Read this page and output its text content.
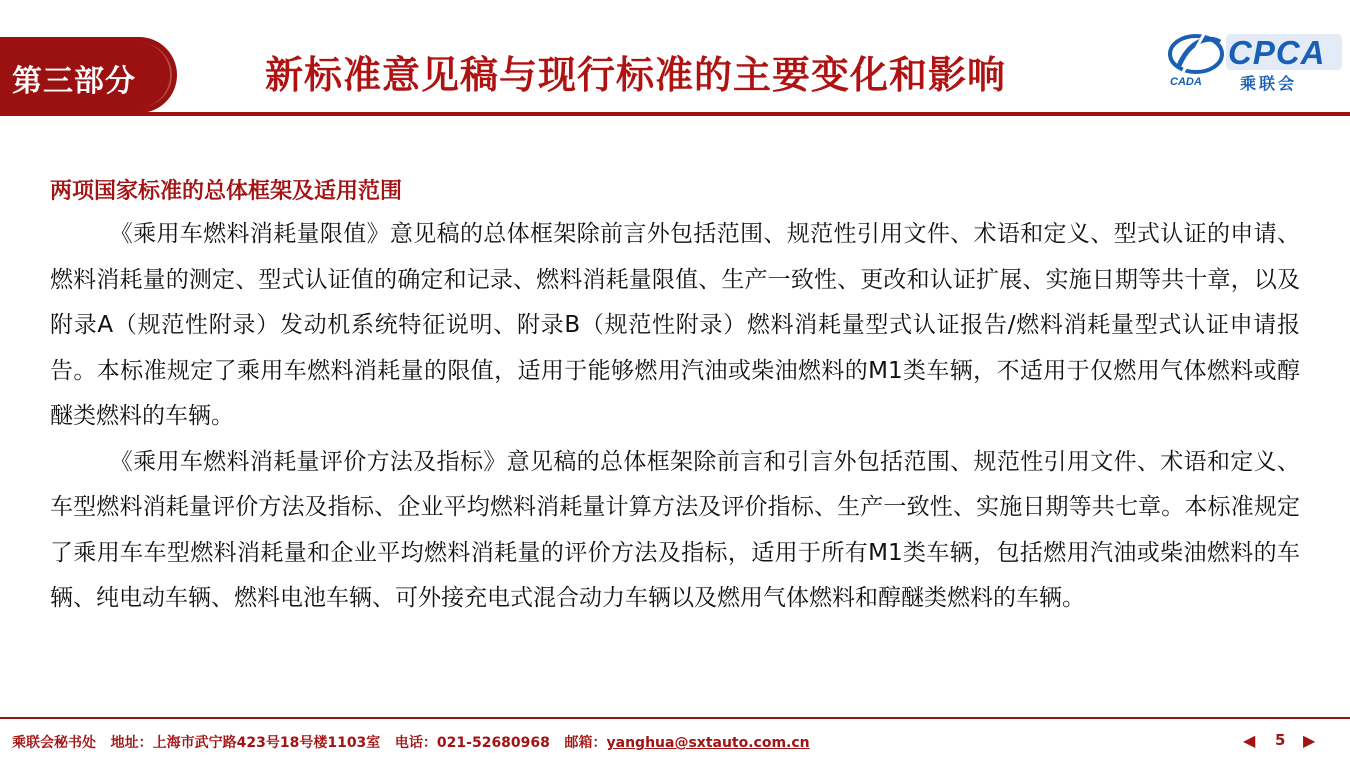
第三部分	新标准意见稿与现行标准的主要变化和影响
CPCA
乘联会
CADA

两项国家标准的总体框架及适用范围

《乘用车燃料消耗量限值》意见稿的总体框架除前言外包括范围、规范性引用文件、术语和定义、型式认证的申请、燃料消耗量的测定、型式认证值的确定和记录、燃料消耗量限值、生产一致性、更改和认证扩展、实施日期等共十章，以及附录A（规范性附录）发动机系统特征说明、附录B（规范性附录）燃料消耗量型式认证报告/燃料消耗量型式认证申请报告。本标准规定了乘用车燃料消耗量的限值，适用于能够燃用汽油或柴油燃料的M1类车辆，不适用于仅燃用气体燃料或醇醚类燃料的车辆。

《乘用车燃料消耗量评价方法及指标》意见稿的总体框架除前言和引言外包括范围、规范性引用文件、术语和定义、车型燃料消耗量评价方法及指标、企业平均燃料消耗量计算方法及评价指标、生产一致性、实施日期等共七章。本标准规定了乘用车车型燃料消耗量和企业平均燃料消耗量的评价方法及指标，适用于所有M1类车辆，包括燃用汽油或柴油燃料的车辆、纯电动车辆、燃料电池车辆、可外接充电式混合动力车辆以及燃用气体燃料和醇醚类燃料的车辆。

乘联会秘书处 地址：上海市武宁路423号18号楼1103室 电话：021-52680968 邮箱：yanghua@sxtauto.com.cn	◀ 5 ▶
